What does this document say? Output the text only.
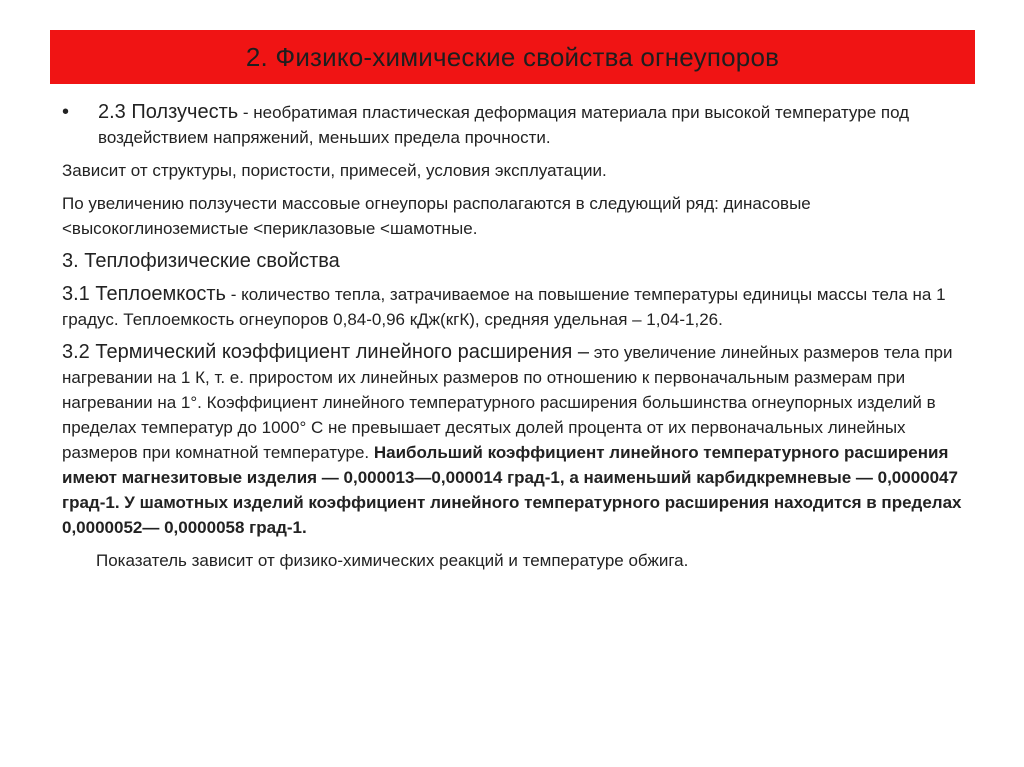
2. Физико-химические свойства огнеупоров
•	2.3 Ползучесть - необратимая пластическая деформация материала при высокой температуре под воздействием напряжений, меньших предела прочности.

Зависит от структуры, пористости, примесей, условия эксплуатации.

По увеличению ползучести массовые огнеупоры располагаются в следующий ряд: динасовые <высокоглиноземистые <периклазовые <шамотные.

3. Теплофизические свойства

3.1 Теплоемкость - количество тепла, затрачиваемое на повышение температуры единицы массы тела на 1 градус. Теплоемкость огнеупоров 0,84-0,96 кДж(кгК), средняя удельная – 1,04-1,26.

3.2 Термический коэффициент линейного расширения – это увеличение линейных размеров тела при нагревании на 1 К, т. е. приростом их линейных размеров по отношению к первоначальным размерам при нагревании на 1°. Коэффициент линейного температурного расширения большинства огнеупорных изделий в пределах температур до 1000° С не превышает десятых долей процента от их первоначальных линейных размеров при комнатной температуре. Наибольший коэффициент линейного температурного расширения имеют магнезитовые изделия — 0,000013—0,000014 град-1, а наименьший карбидкремневые — 0,0000047 град-1. У шамотных изделий коэффициент линейного температурного расширения находится в пределах 0,0000052— 0,0000058 град-1.

Показатель зависит от физико-химических реакций и температуре обжига.
